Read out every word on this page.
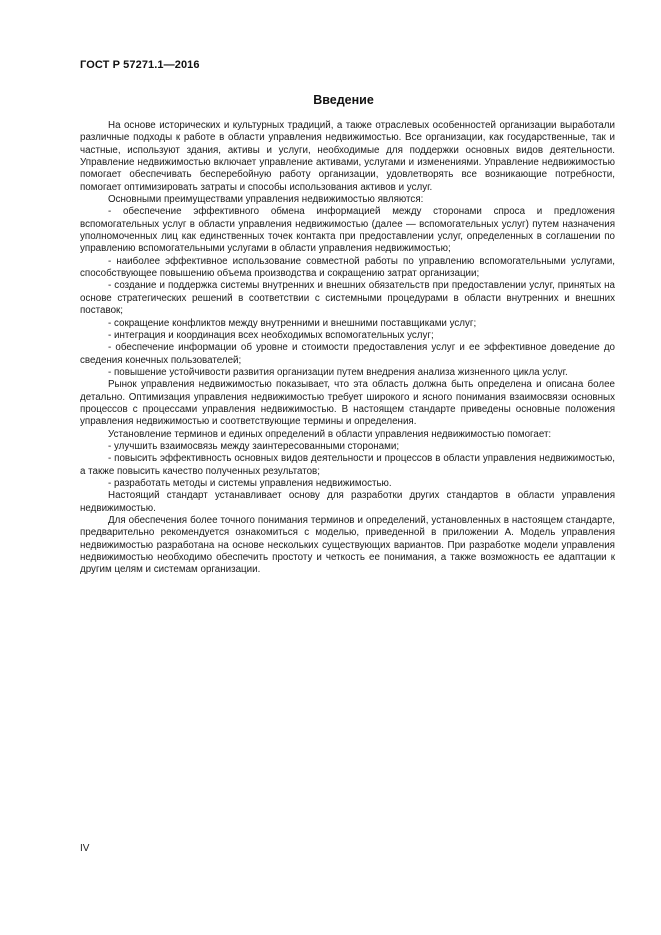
ГОСТ Р 57271.1—2016
Введение

На основе исторических и культурных традиций, а также отраслевых особенностей организации выработали различные подходы к работе в области управления недвижимостью. Все организации, как государственные, так и частные, используют здания, активы и услуги, необходимые для поддержки основных видов деятельности. Управление недвижимостью включает управление активами, услугами и изменениями. Управление недвижимостью помогает обеспечивать бесперебойную работу организации, удовлетворять все возникающие потребности, помогает оптимизировать затраты и способы использования активов и услуг.

Основными преимуществами управления недвижимостью являются:

- обеспечение эффективного обмена информацией между сторонами спроса и предложения вспомогательных услуг в области управления недвижимостью (далее — вспомогательных услуг) путем назначения уполномоченных лиц как единственных точек контакта при предоставлении услуг, определенных в соглашении по управлению вспомогательными услугами в области управления недвижимостью;

- наиболее эффективное использование совместной работы по управлению вспомогательными услугами, способствующее повышению объема производства и сокращению затрат организации;

- создание и поддержка системы внутренних и внешних обязательств при предоставлении услуг, принятых на основе стратегических решений в соответствии с системными процедурами в области внутренних и внешних поставок;

- сокращение конфликтов между внутренними и внешними поставщиками услуг;

- интеграция и координация всех необходимых вспомогательных услуг;

- обеспечение информации об уровне и стоимости предоставления услуг и ее эффективное доведение до сведения конечных пользователей;

- повышение устойчивости развития организации путем внедрения анализа жизненного цикла услуг.

Рынок управления недвижимостью показывает, что эта область должна быть определена и описана более детально. Оптимизация управления недвижимостью требует широкого и ясного понимания взаимосвязи основных процессов с процессами управления недвижимостью. В настоящем стандарте приведены основные положения управления недвижимостью и соответствующие термины и определения.

Установление терминов и единых определений в области управления недвижимостью помогает:

- улучшить взаимосвязь между заинтересованными сторонами;

- повысить эффективность основных видов деятельности и процессов в области управления недвижимостью, а также повысить качество полученных результатов;

- разработать методы и системы управления недвижимостью.

Настоящий стандарт устанавливает основу для разработки других стандартов в области управления недвижимостью.

Для обеспечения более точного понимания терминов и определений, установленных в настоящем стандарте, предварительно рекомендуется ознакомиться с моделью, приведенной в приложении А. Модель управления недвижимостью разработана на основе нескольких существующих вариантов. При разработке модели управления недвижимостью необходимо обеспечить простоту и четкость ее понимания, а также возможность ее адаптации к другим целям и системам организации.

IV
